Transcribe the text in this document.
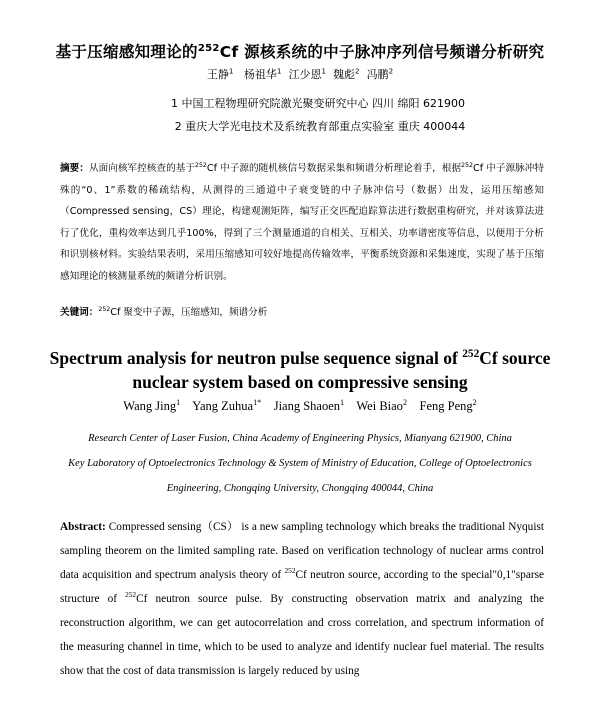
基于压缩感知理论的$^{252}$Cf 源核系统的中子脉冲序列信号频谱分析研究
王静$^1$ 杨祖华$^1$ 江少恩$^1$ 魏彪$^2$ 冯鹏$^2$
1 中国工程物理研究院激光聚变研究中心 四川 绵阳 621900
2 重庆大学光电技术及系统教育部重点实验室 重庆 400044
摘要：从面向核军控核查的基于$^{252}$Cf 中子源的随机核信号数据采集和频谱分析理论着手，根据$^{252}$Cf 中子源脉冲特殊的“0、1”系数的稀疏结构，从测得的三通道中子衰变链的中子脉冲信号（数据）出发，运用压缩感知（Compressed sensing，CS）理论，构建观测矩阵，编写正交匹配追踪算法进行数据重构研究，并对该算法进行了优化，重构效率达到几乎100%，得到了三个测量通道的自相关、互相关、功率谱密度等信息，以便用于分析和识别核材料。实验结果表明，采用压缩感知可较好地提高传输效率，平衡系统资源和采集速度，实现了基于压缩感知理论的核测量系统的频谱分析识别。
关键词：$^{252}$Cf 聚变中子源，压缩感知，频谱分析
Spectrum analysis for neutron pulse sequence signal of $^{252}$Cf source nuclear system based on compressive sensing
Wang Jing$^1$ Yang Zuhua$^{1*}$ Jiang Shaoen$^1$ Wei Biao$^2$ Feng Peng$^2$
Research Center of Laser Fusion, China Academy of Engineering Physics, Mianyang 621900, China
Key Laboratory of Optoelectronics Technology & System of Ministry of Education, College of Optoelectronics Engineering, Chongqing University, Chongqing 400044, China
Abstract: Compressed sensing（CS） is a new sampling technology which breaks the traditional Nyquist sampling theorem on the limited sampling rate. Based on verification technology of nuclear arms control data acquisition and spectrum analysis theory of $^{252}$Cf neutron source, according to the special"0,1"sparse structure of $^{252}$Cf neutron source pulse. By constructing observation matrix and analyzing the reconstruction algorithm, we can get autocorrelation and cross correlation, and spectrum information of the measuring channel in time, which to be used to analyze and identify nuclear fuel material. The results show that the cost of data transmission is largely reduced by using
